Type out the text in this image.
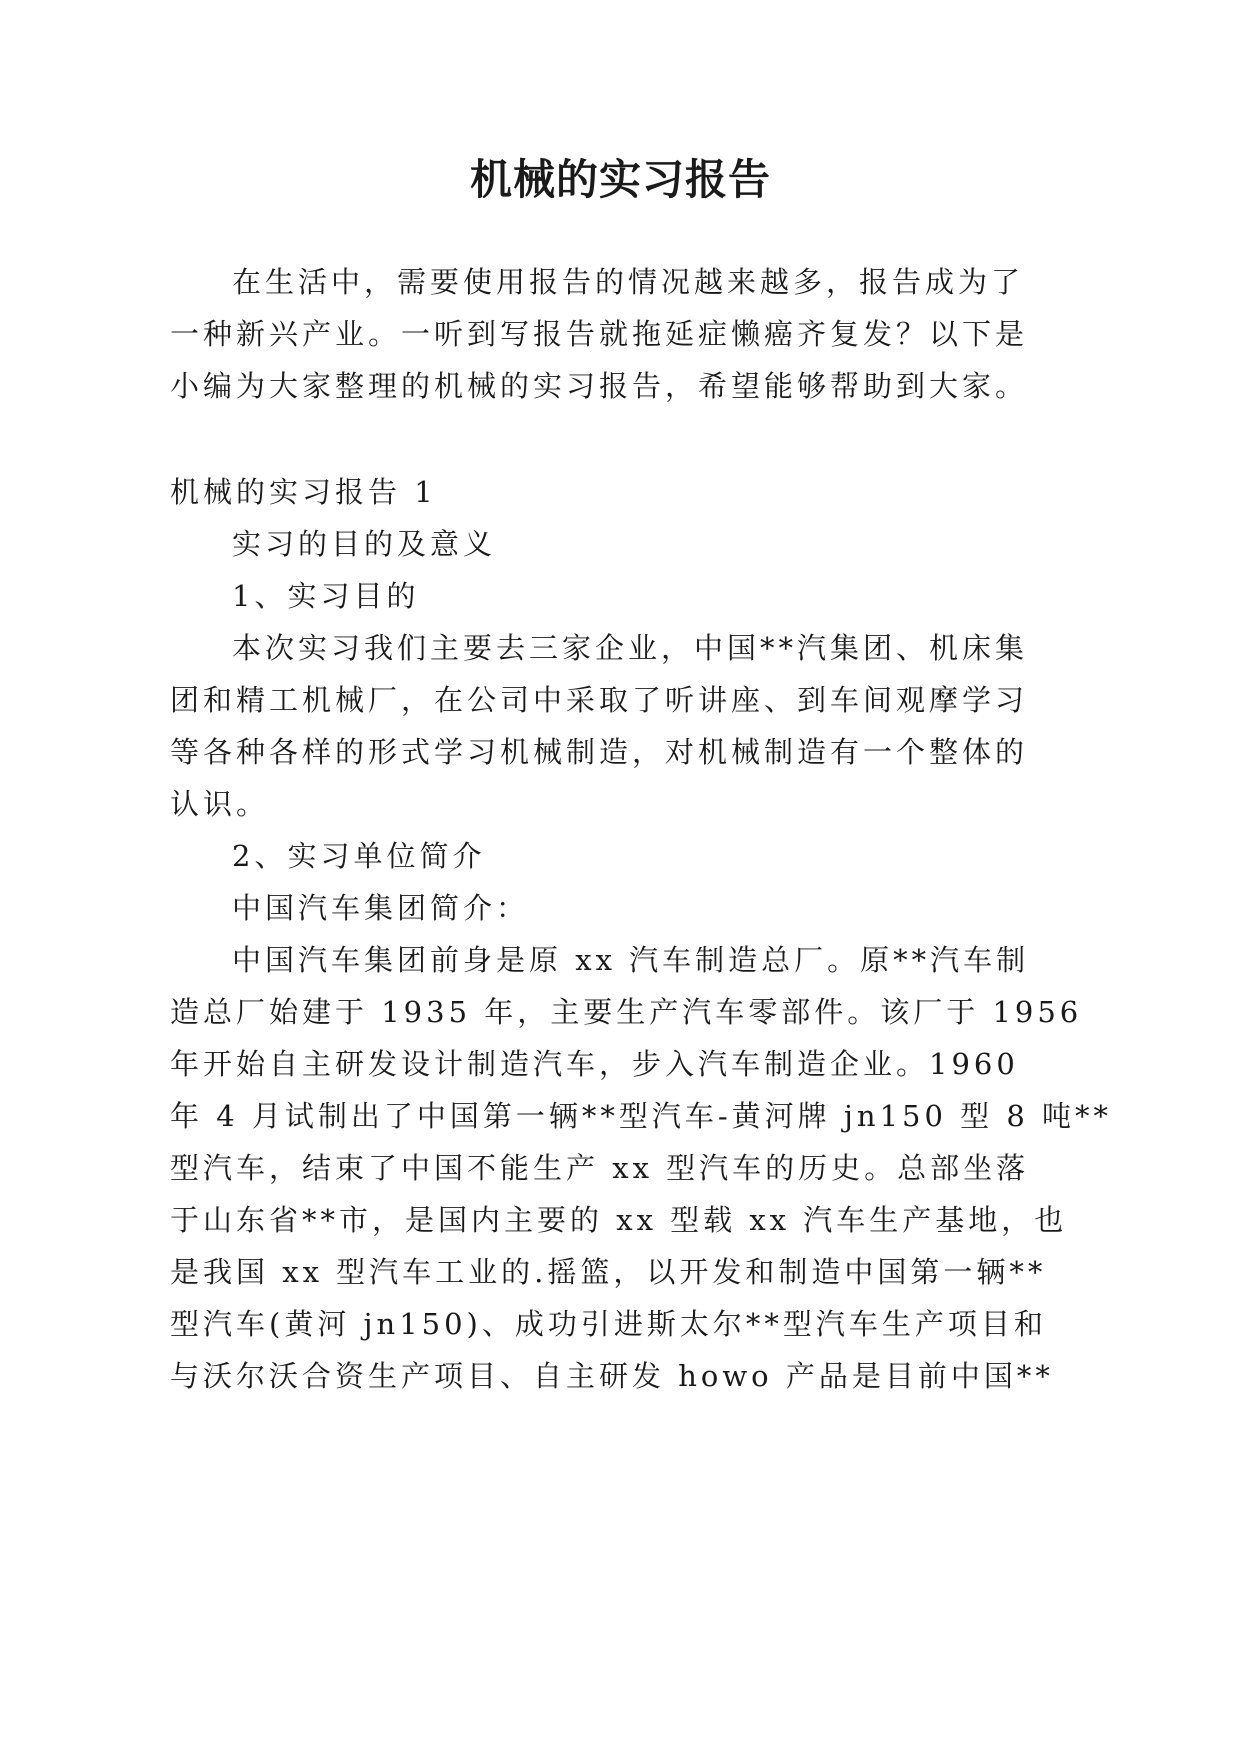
机械的实习报告

在生活中，需要使用报告的情况越来越多，报告成为了

一种新兴产业。一听到写报告就拖延症懒癌齐复发？以下是

小编为大家整理的机械的实习报告，希望能够帮助到大家。

机械的实习报告 1

实习的目的及意义

1、实习目的

本次实习我们主要去三家企业，中国**汽集团、机床集

团和精工机械厂，在公司中采取了听讲座、到车间观摩学习

等各种各样的形式学习机械制造，对机械制造有一个整体的

认识。

2、实习单位简介

中国汽车集团简介：

中国汽车集团前身是原 xx 汽车制造总厂。原**汽车制

造总厂始建于 1935 年，主要生产汽车零部件。该厂于 1956

年开始自主研发设计制造汽车，步入汽车制造企业。1960

年 4 月试制出了中国第一辆**型汽车-黄河牌 jn150 型 8 吨**

型汽车，结束了中国不能生产 xx 型汽车的历史。总部坐落

于山东省**市，是国内主要的 xx 型载 xx 汽车生产基地，也

是我国 xx 型汽车工业的.摇篮，以开发和制造中国第一辆**

型汽车(黄河 jn150)、成功引进斯太尔**型汽车生产项目和

与沃尔沃合资生产项目、自主研发 howo 产品是目前中国**
